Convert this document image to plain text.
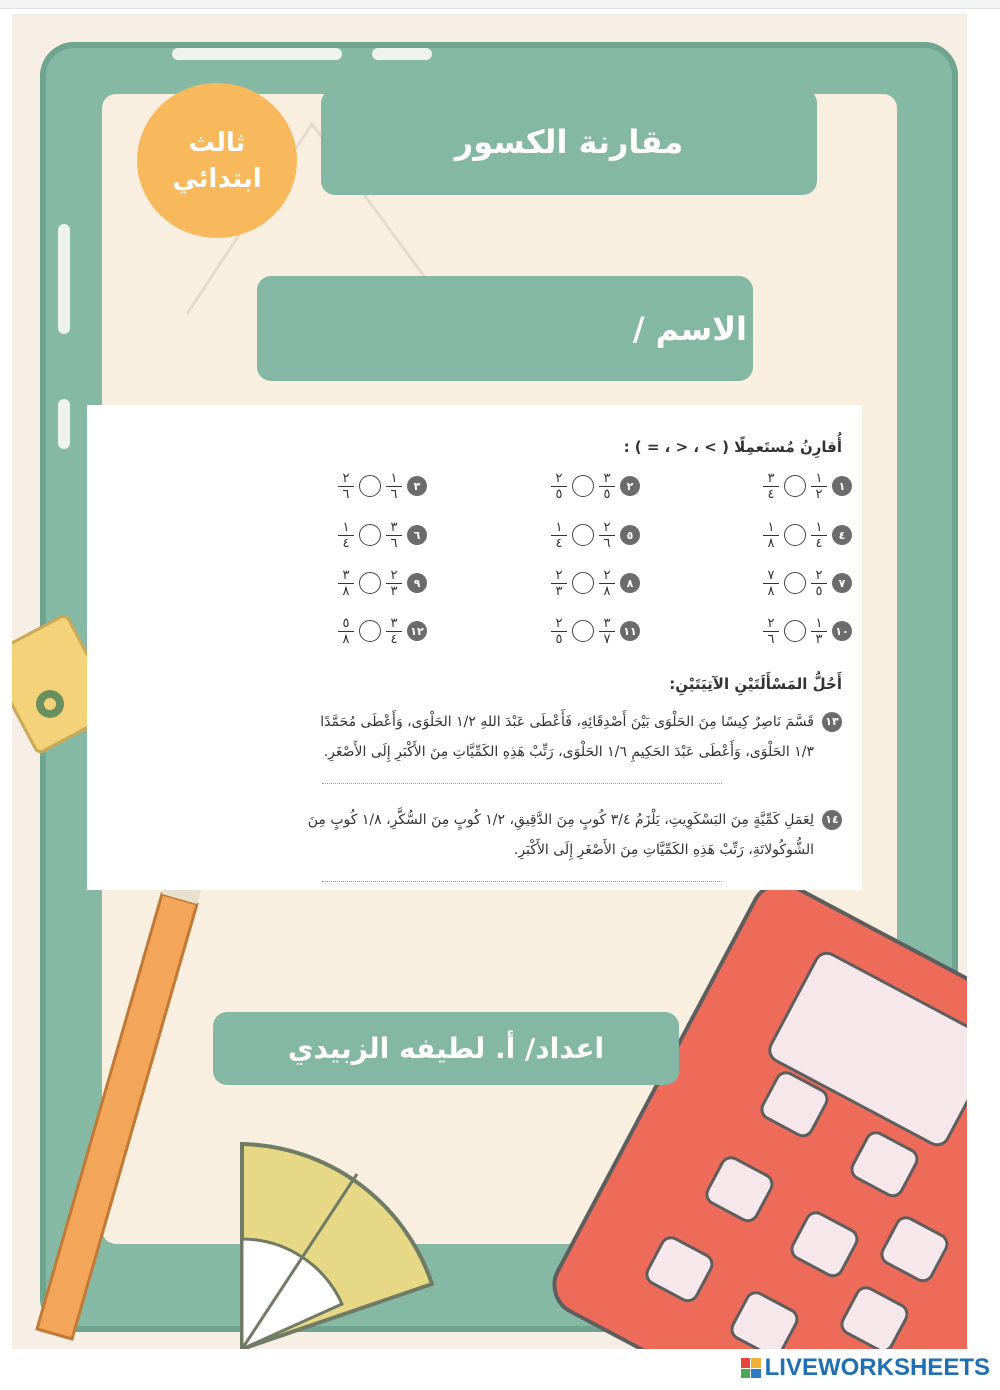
ثالث
ابتدائي
مقارنة الكسور
الاسم /
أُقارِنُ مُستَعمِلًا ( > ، < ، = ) :
١
$\frac{١}{٢}$
$\frac{٣}{٤}$
٢
$\frac{٣}{٥}$
$\frac{٢}{٥}$
٣
$\frac{١}{٦}$
$\frac{٢}{٦}$
٤
$\frac{١}{٤}$
$\frac{١}{٨}$
٥
$\frac{٢}{٦}$
$\frac{١}{٤}$
٦
$\frac{٣}{٦}$
$\frac{١}{٤}$
٧
$\frac{٢}{٥}$
$\frac{٧}{٨}$
٨
$\frac{٢}{٨}$
$\frac{٢}{٣}$
٩
$\frac{٢}{٣}$
$\frac{٣}{٨}$
١٠
$\frac{١}{٣}$
$\frac{٢}{٦}$
١١
$\frac{٣}{٧}$
$\frac{٢}{٥}$
١٢
$\frac{٣}{٤}$
$\frac{٥}{٨}$
أَحُلُّ المَسْأَلَتَيْنِ الآتِيَتَيْنِ:
١٣
قَسَّمَ نَاصِرٌ كِيسًا مِنَ الحَلْوَى بَيْنَ أَصْدِقَائِهِ، فَأَعْطَى عَبْدَ اللهِ ١/٢ الحَلْوَى، وَأَعْطَى مُحَمَّدًا
١/٣ الحَلْوَى، وَأَعْطَى عَبْدَ الحَكِيمِ ١/٦ الحَلْوَى، رَتِّبْ هَذِهِ الكَمِّيَّاتِ مِنَ الأَكْبَرِ إِلَى الأَصْغَرِ.
١٤
لِعَمَلِ كَمِّيَّةٍ مِنَ البَسْكَوِيتِ، يَلْزَمُ ٣/٤ كُوبٍ مِنَ الدَّقِيقِ، ١/٢ كُوبٍ مِنَ السُّكَّرِ، ١/٨ كُوبٍ مِنَ
الشُّوكُولاتَةِ، رَتِّبْ هَذِهِ الكَمِّيَّاتِ مِنَ الأَصْغَرِ إِلَى الأَكْبَرِ.
اعداد/ أ. لطيفه الزبيدي
LIVEWORKSHEETS
